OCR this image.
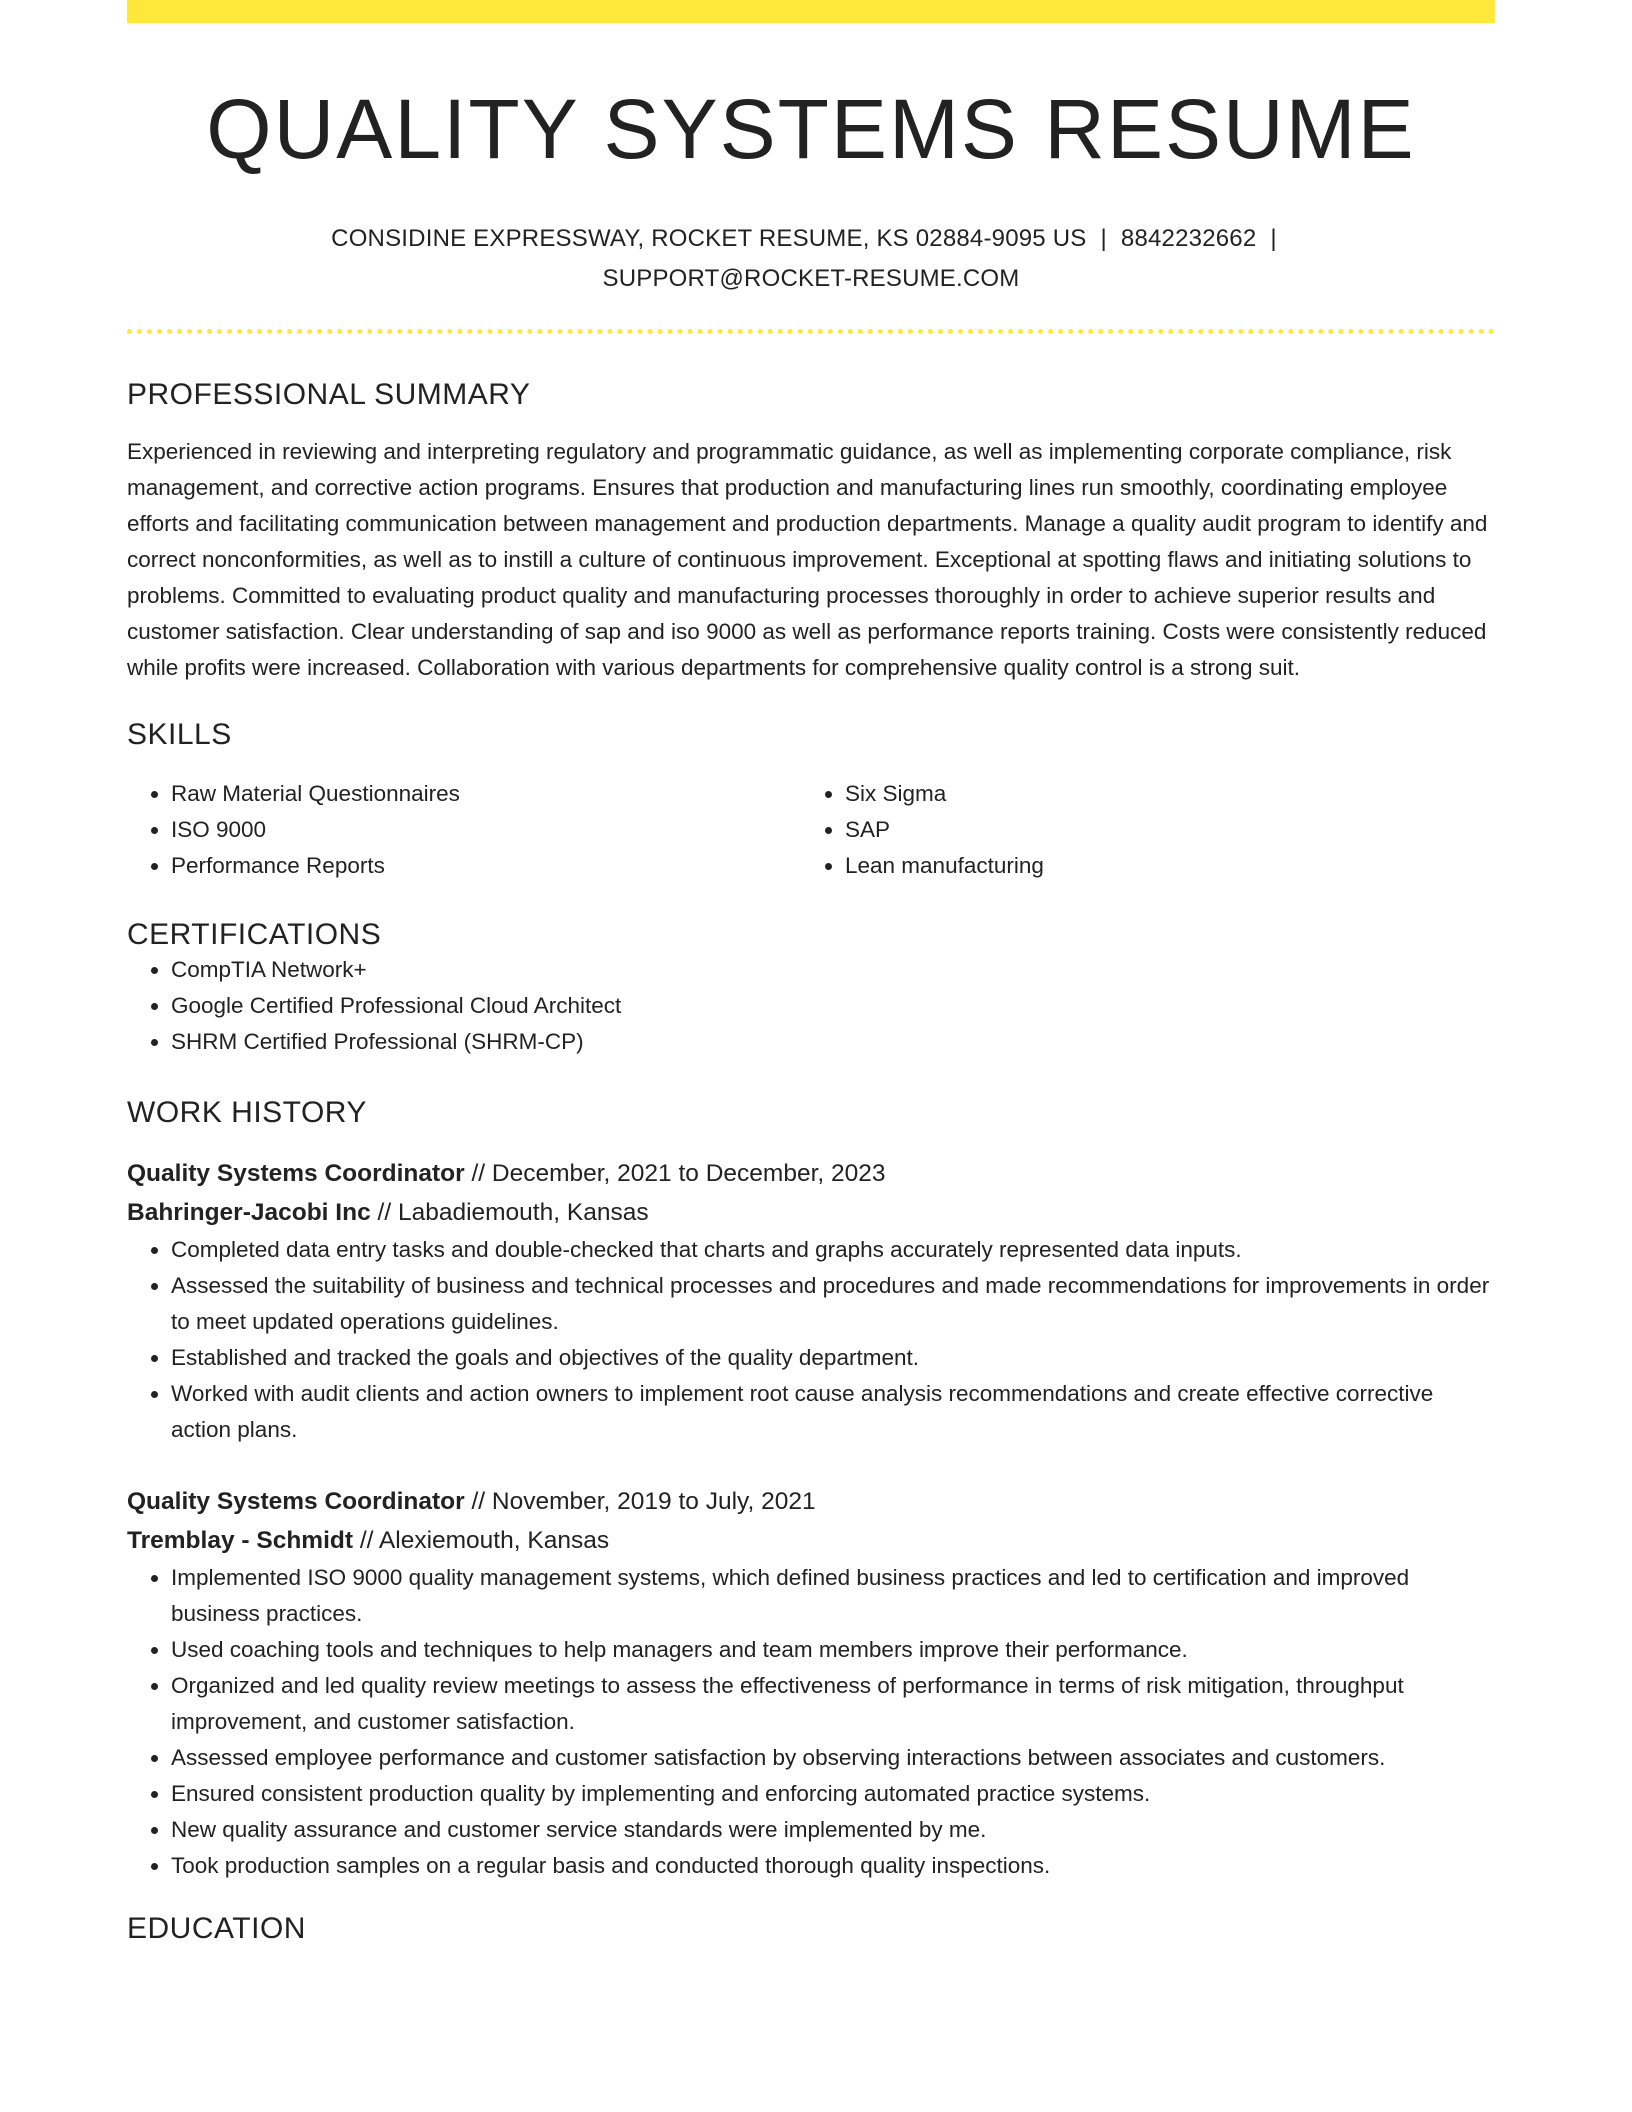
QUALITY SYSTEMS RESUME
CONSIDINE EXPRESSWAY, ROCKET RESUME, KS 02884-9095 US | 8842232662 |
SUPPORT@ROCKET-RESUME.COM
PROFESSIONAL SUMMARY
Experienced in reviewing and interpreting regulatory and programmatic guidance, as well as implementing corporate compliance, risk management, and corrective action programs. Ensures that production and manufacturing lines run smoothly, coordinating employee efforts and facilitating communication between management and production departments. Manage a quality audit program to identify and correct nonconformities, as well as to instill a culture of continuous improvement. Exceptional at spotting flaws and initiating solutions to problems. Committed to evaluating product quality and manufacturing processes thoroughly in order to achieve superior results and customer satisfaction. Clear understanding of sap and iso 9000 as well as performance reports training. Costs were consistently reduced while profits were increased. Collaboration with various departments for comprehensive quality control is a strong suit.
SKILLS
• Raw Material Questionnaires
• ISO 9000
• Performance Reports
• Six Sigma
• SAP
• Lean manufacturing
CERTIFICATIONS
• CompTIA Network+
• Google Certified Professional Cloud Architect
• SHRM Certified Professional (SHRM-CP)
WORK HISTORY
Quality Systems Coordinator // December, 2021 to December, 2023
Bahringer-Jacobi Inc // Labadiemouth, Kansas
• Completed data entry tasks and double-checked that charts and graphs accurately represented data inputs.
• Assessed the suitability of business and technical processes and procedures and made recommendations for improvements in order to meet updated operations guidelines.
• Established and tracked the goals and objectives of the quality department.
• Worked with audit clients and action owners to implement root cause analysis recommendations and create effective corrective action plans.
Quality Systems Coordinator // November, 2019 to July, 2021
Tremblay - Schmidt // Alexiemouth, Kansas
• Implemented ISO 9000 quality management systems, which defined business practices and led to certification and improved business practices.
• Used coaching tools and techniques to help managers and team members improve their performance.
• Organized and led quality review meetings to assess the effectiveness of performance in terms of risk mitigation, throughput improvement, and customer satisfaction.
• Assessed employee performance and customer satisfaction by observing interactions between associates and customers.
• Ensured consistent production quality by implementing and enforcing automated practice systems.
• New quality assurance and customer service standards were implemented by me.
• Took production samples on a regular basis and conducted thorough quality inspections.
EDUCATION
